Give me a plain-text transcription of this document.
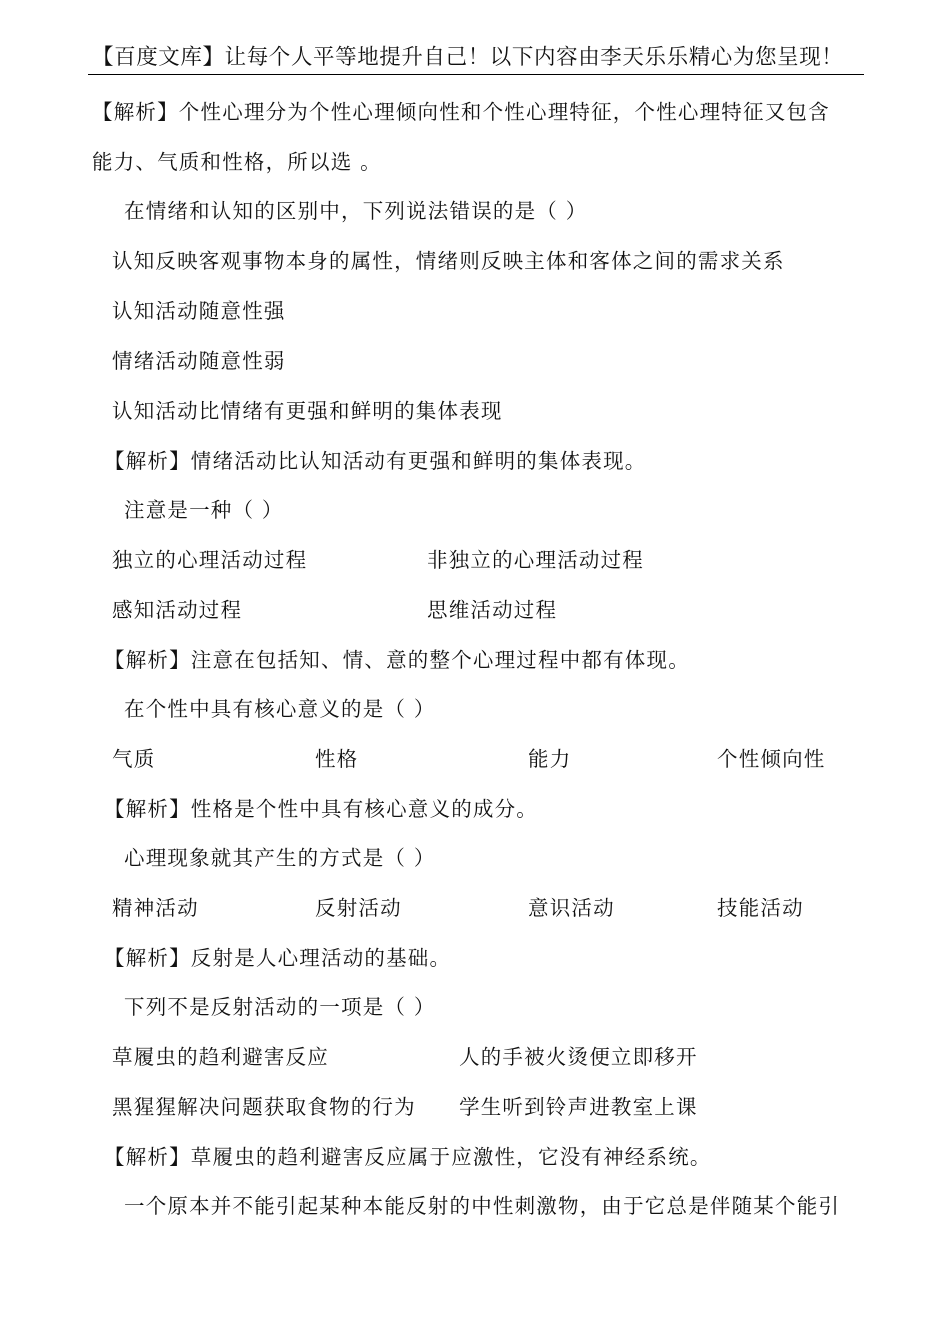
【百度文库】让每个人平等地提升自己！以下内容由李天乐乐精心为您呈现！
【解析】个性心理分为个性心理倾向性和个性心理特征，个性心理特征又包含
能力、气质和性格，所以选 。
在情绪和认知的区别中，下列说法错误的是（ ）
认知反映客观事物本身的属性，情绪则反映主体和客体之间的需求关系
认知活动随意性强
情绪活动随意性弱
认知活动比情绪有更强和鲜明的集体表现
【解析】情绪活动比认知活动有更强和鲜明的集体表现。
注意是一种（ ）
独立的心理活动过程	非独立的心理活动过程
感知活动过程	思维活动过程
【解析】注意在包括知、情、意的整个心理过程中都有体现。
在个性中具有核心意义的是（ ）
气质	性格	能力	个性倾向性
【解析】性格是个性中具有核心意义的成分。
心理现象就其产生的方式是（ ）
精神活动	反射活动	意识活动	技能活动
【解析】反射是人心理活动的基础。
下列不是反射活动的一项是（ ）
草履虫的趋利避害反应	人的手被火烫便立即移开
黑猩猩解决问题获取食物的行为 学生听到铃声进教室上课
【解析】草履虫的趋利避害反应属于应激性，它没有神经系统。
一个原本并不能引起某种本能反射的中性刺激物，由于它总是伴随某个能引
